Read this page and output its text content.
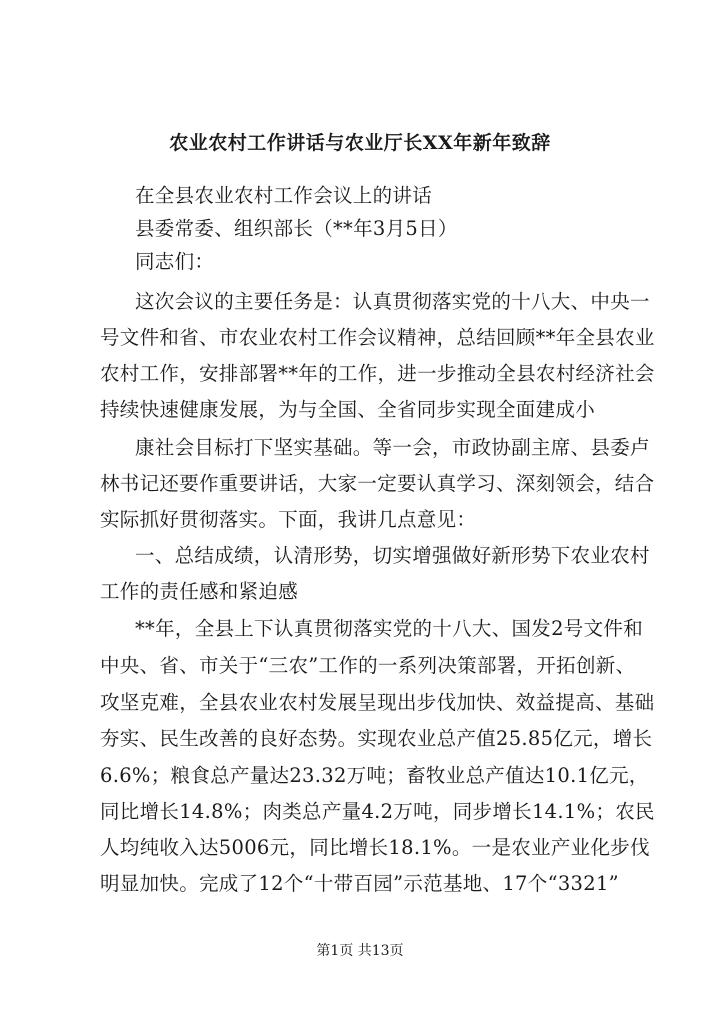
农业农村工作讲话与农业厅长XX年新年致辞
在全县农业农村工作会议上的讲话
县委常委、组织部长（**年3月5日）
同志们：
这次会议的主要任务是：认真贯彻落实党的十八大、中央一
号文件和省、市农业农村工作会议精神，总结回顾**年全县农业
农村工作，安排部署**年的工作，进一步推动全县农村经济社会
持续快速健康发展，为与全国、全省同步实现全面建成小
康社会目标打下坚实基础。等一会，市政协副主席、县委卢
林书记还要作重要讲话，大家一定要认真学习、深刻领会，结合
实际抓好贯彻落实。下面，我讲几点意见：
一、总结成绩，认清形势，切实增强做好新形势下农业农村
工作的责任感和紧迫感
**年，全县上下认真贯彻落实党的十八大、国发2号文件和
中央、省、市关于“三农”工作的一系列决策部署，开拓创新、
攻坚克难，全县农业农村发展呈现出步伐加快、效益提高、基础
夯实、民生改善的良好态势。实现农业总产值25.85亿元，增长
6.6%；粮食总产量达23.32万吨；畜牧业总产值达10.1亿元，
同比增长14.8%；肉类总产量4.2万吨，同步增长14.1%；农民
人均纯收入达5006元，同比增长18.1%。一是农业产业化步伐
明显加快。完成了12个“十带百园”示范基地、17个“3321”
第1页 共13页
